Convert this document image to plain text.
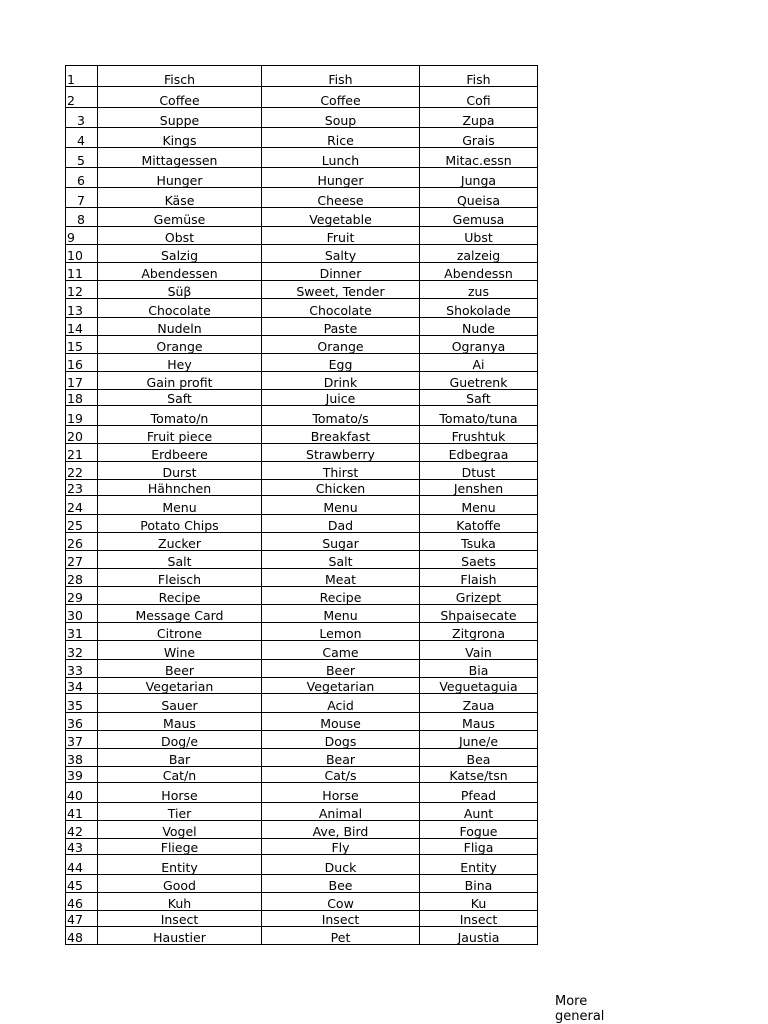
1	Fisch	Fish	Fish
2	Coffee	Coffee	Cofi
3	Suppe	Soup	Zupa
4	Kings	Rice	Grais
5	Mittagessen	Lunch	Mitac.essn
6	Hunger	Hunger	Junga
7	Käse	Cheese	Queisa
8	Gemüse	Vegetable	Gemusa
9	Obst	Fruit	Ubst
10	Salzig	Salty	zalzeig
11	Abendessen	Dinner	Abendessn
12	Süβ	Sweet, Tender	zus
13	Chocolate	Chocolate	Shokolade
14	Nudeln	Paste	Nude
15	Orange	Orange	Ogranya
16	Hey	Egg	Ai
17	Gain profit	Drink	Guetrenk
18	Saft	Juice	Saft
19	Tomato/n	Tomato/s	Tomato/tuna
20	Fruit piece	Breakfast	Frushtuk
21	Erdbeere	Strawberry	Edbegraa
22	Durst	Thirst	Dtust
23	Hähnchen	Chicken	Jenshen
24	Menu	Menu	Menu
25	Potato Chips	Dad	Katoffe
26	Zucker	Sugar	Tsuka
27	Salt	Salt	Saets
28	Fleisch	Meat	Flaish
29	Recipe	Recipe	Grizept
30	Message Card	Menu	Shpaisecate
31	Citrone	Lemon	Zitgrona
32	Wine	Came	Vain
33	Beer	Beer	Bia
34	Vegetarian	Vegetarian	Veguetaguia
35	Sauer	Acid	Zaua
36	Maus	Mouse	Maus
37	Dog/e	Dogs	June/e
38	Bar	Bear	Bea
39	Cat/n	Cat/s	Katse/tsn
40	Horse	Horse	Pfead
41	Tier	Animal	Aunt
42	Vogel	Ave, Bird	Fogue
43	Fliege	Fly	Fliga
44	Entity	Duck	Entity
45	Good	Bee	Bina
46	Kuh	Cow	Ku
47	Insect	Insect	Insect
48	Haustier	Pet	Jaustia
More
general
